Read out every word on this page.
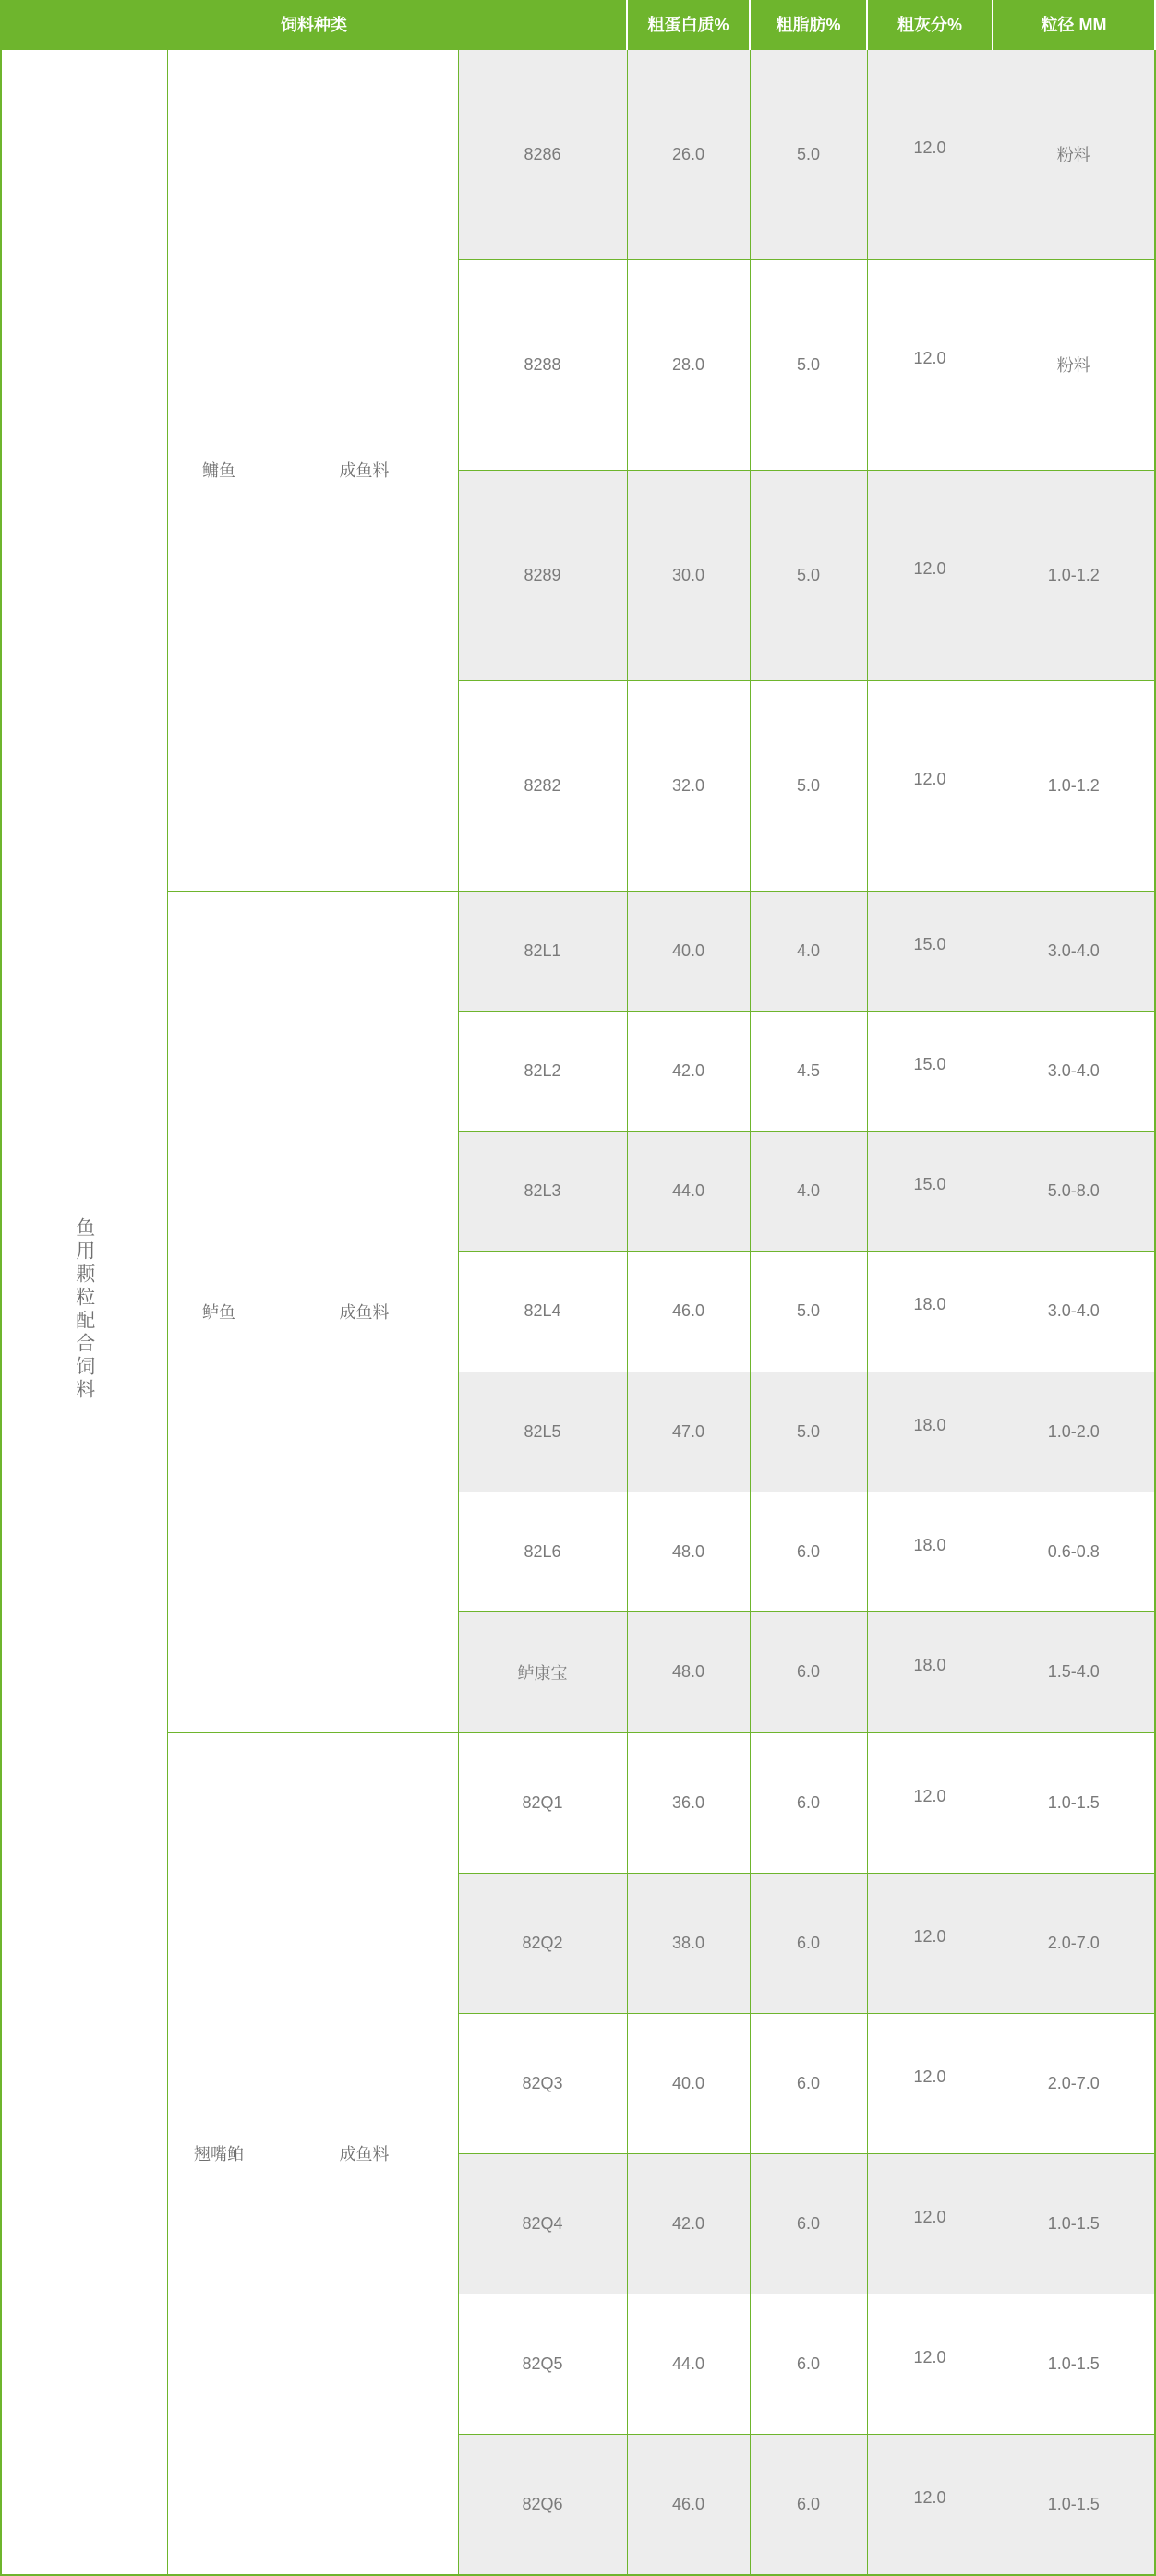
饲料种类				粗蛋白质%	粗脂肪%	粗灰分%	粒径 MM
鱼用颗粒配合饲料	鳙鱼	成鱼料	8286	26.0	5.0	12.0	粉料
			8288	28.0	5.0	12.0	粉料
			8289	30.0	5.0	12.0	1.0-1.2
			8282	32.0	5.0	12.0	1.0-1.2
	鲈鱼	成鱼料	82L1	40.0	4.0	15.0	3.0-4.0
			82L2	42.0	4.5	15.0	3.0-4.0
			82L3	44.0	4.0	15.0	5.0-8.0
			82L4	46.0	5.0	18.0	3.0-4.0
			82L5	47.0	5.0	18.0	1.0-2.0
			82L6	48.0	6.0	18.0	0.6-0.8
			鲈康宝	48.0	6.0	18.0	1.5-4.0
	翘嘴鲌	成鱼料	82Q1	36.0	6.0	12.0	1.0-1.5
			82Q2	38.0	6.0	12.0	2.0-7.0
			82Q3	40.0	6.0	12.0	2.0-7.0
			82Q4	42.0	6.0	12.0	1.0-1.5
			82Q5	44.0	6.0	12.0	1.0-1.5
			82Q6	46.0	6.0	12.0	1.0-1.5
